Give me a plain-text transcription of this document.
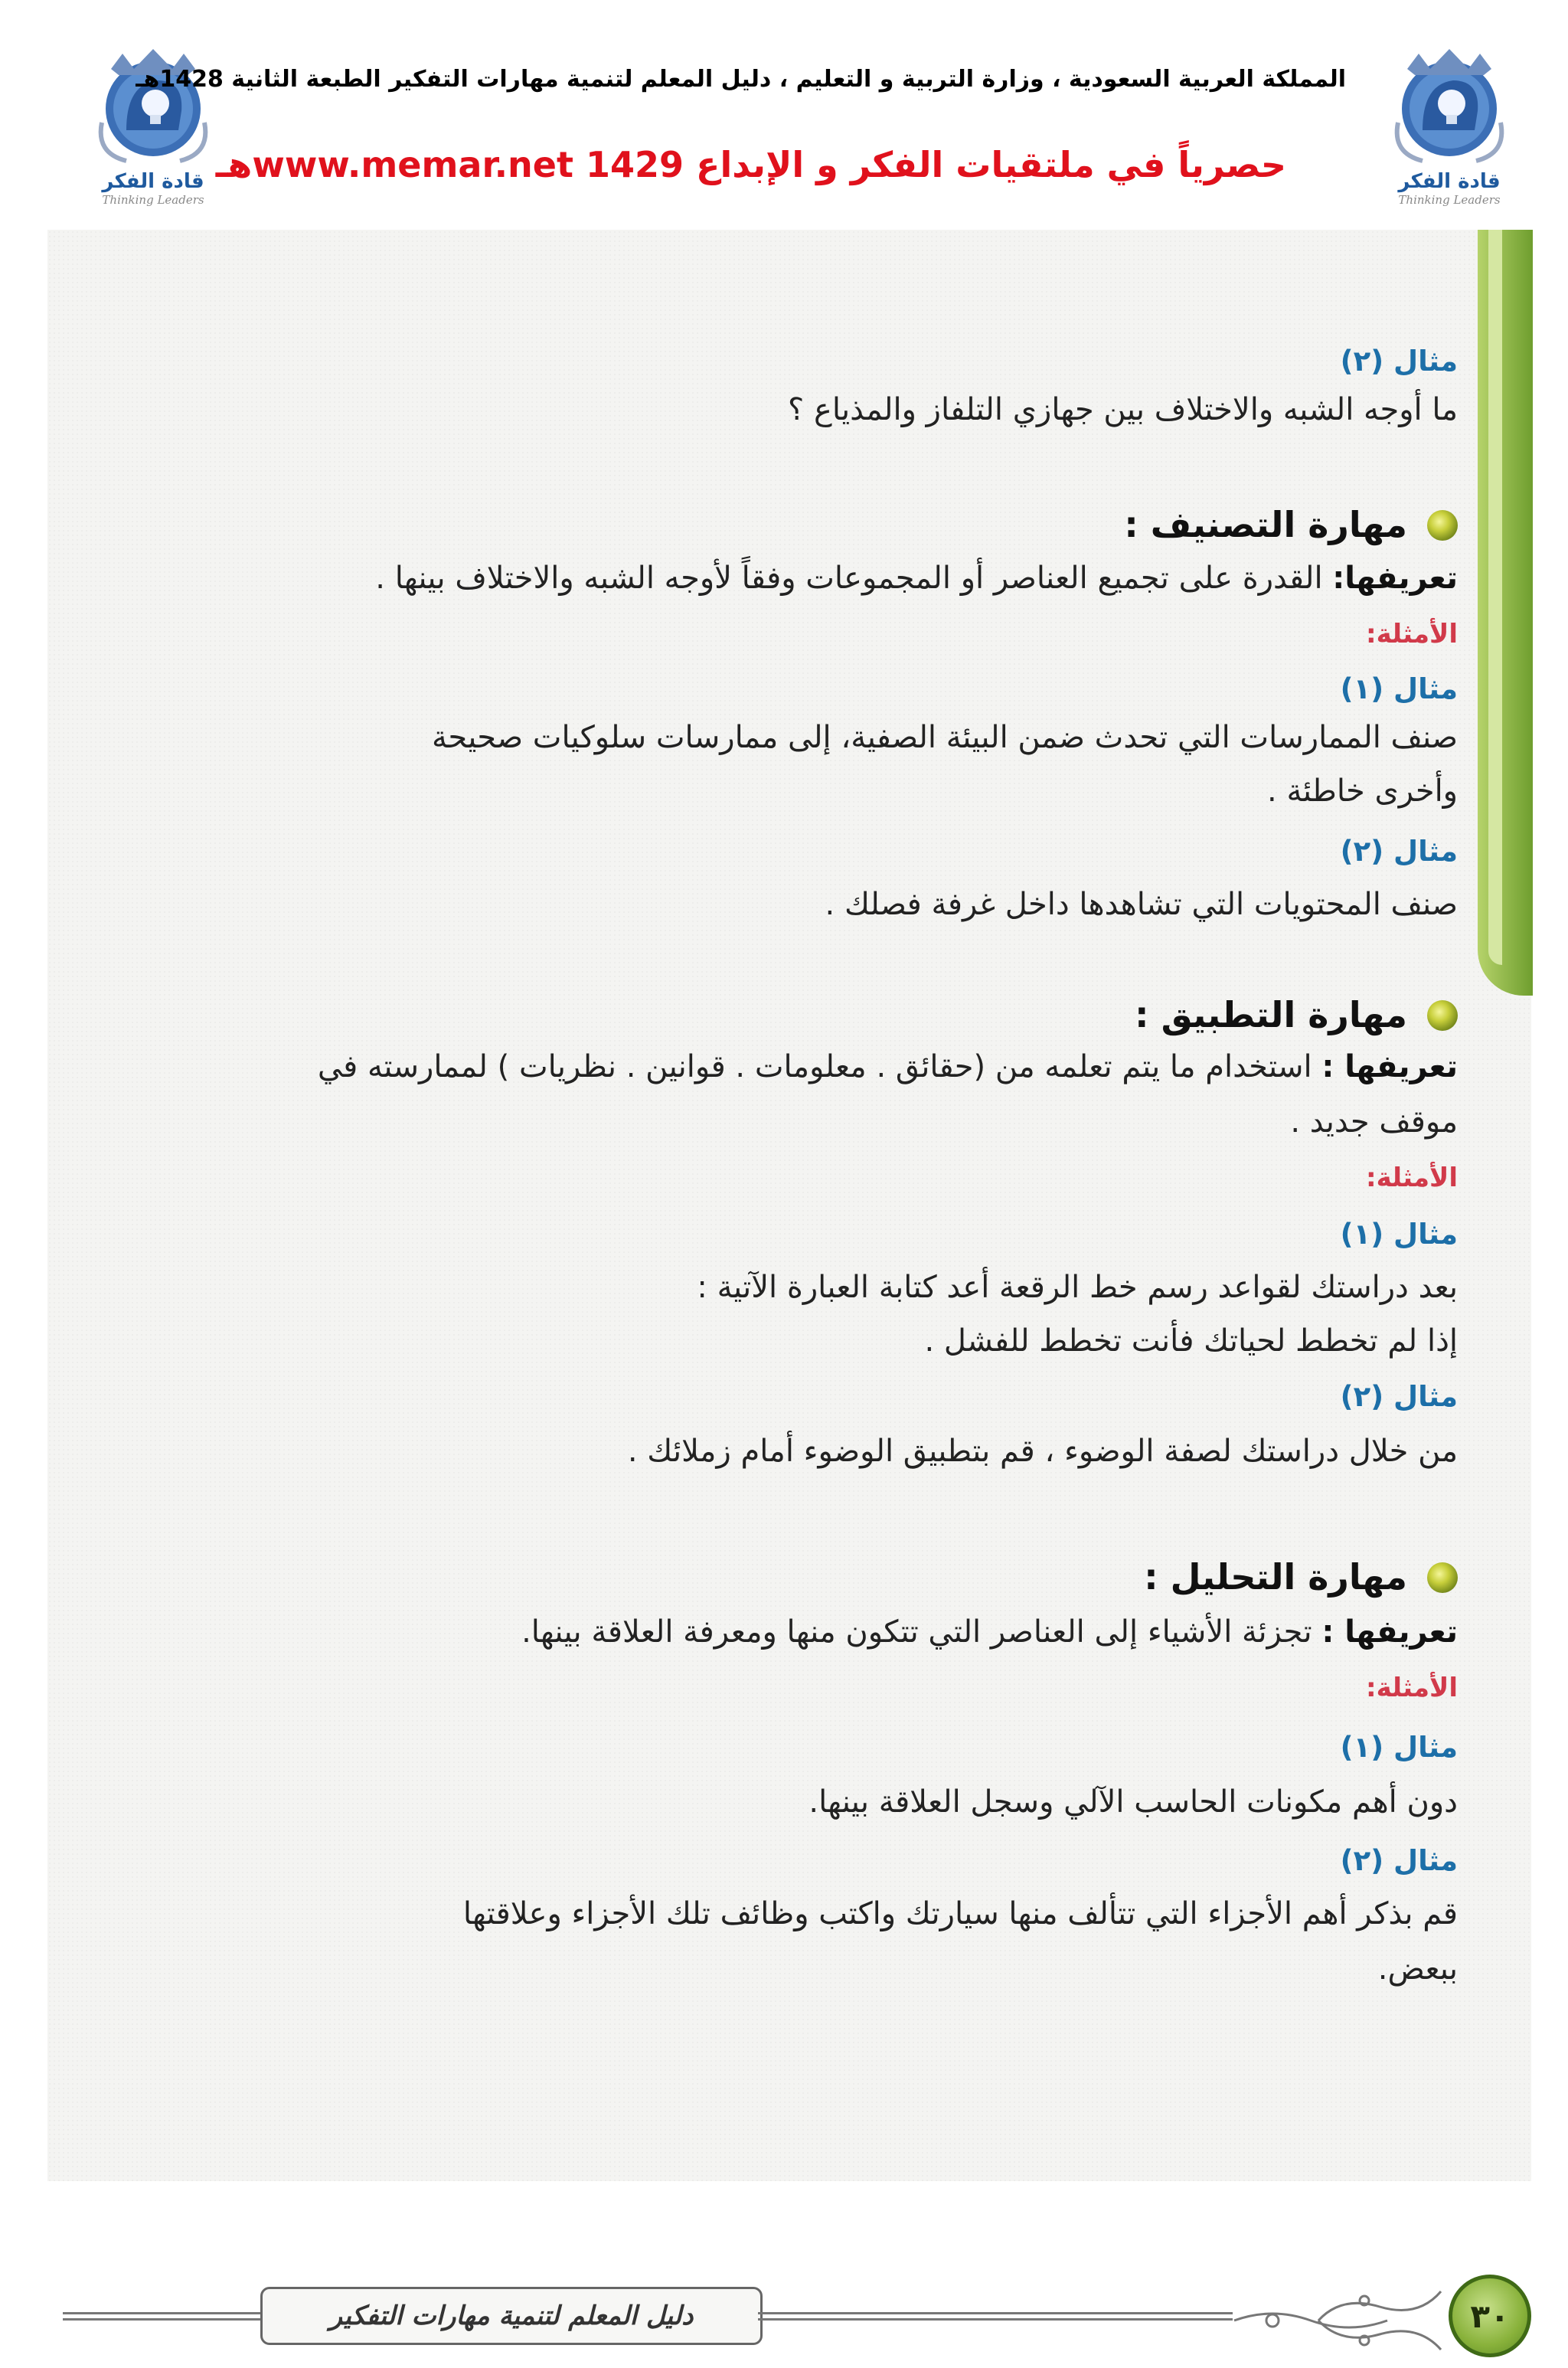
قادة الفكر
Thinking Leaders
قادة الفكر
Thinking Leaders
المملكة العربية السعودية ، وزارة التربية و التعليم ، دليل المعلم لتنمية مهارات التفكير الطبعة الثانية 1428هـ
حصرياً في ملتقيات الفكر و الإبداع www.memar.net 1429هـ
مثال (٢)
ما أوجه الشبه والاختلاف بين جهازي التلفاز والمذياع ؟
مهارة التصنيف :
تعريفها: القدرة على تجميع العناصر أو المجموعات وفقاً لأوجه الشبه والاختلاف بينها .
الأمثلة:
مثال (١)
صنف الممارسات التي تحدث ضمن البيئة الصفية، إلى ممارسات سلوكيات صحيحة
وأخرى خاطئة .
مثال (٢)
صنف المحتويات التي تشاهدها داخل غرفة فصلك .
مهارة التطبيق :
تعريفها : استخدام ما يتم تعلمه من (حقائق . معلومات . قوانين . نظريات ) لممارسته في
موقف جديد .
الأمثلة:
مثال (١)
بعد دراستك لقواعد رسم خط الرقعة أعد كتابة العبارة الآتية :
إذا لم تخطط لحياتك فأنت تخطط للفشل .
مثال (٢)
من خلال دراستك لصفة الوضوء ، قم بتطبيق الوضوء أمام زملائك .
مهارة التحليل :
تعريفها : تجزئة الأشياء إلى العناصر التي تتكون منها ومعرفة العلاقة بينها.
الأمثلة:
مثال (١)
دون أهم مكونات الحاسب الآلي وسجل العلاقة بينها.
مثال (٢)
قم بذكر أهم الأجزاء التي تتألف منها سيارتك واكتب وظائف تلك الأجزاء وعلاقتها
ببعض.
دليل المعلم لتنمية مهارات التفكير	٣٠
